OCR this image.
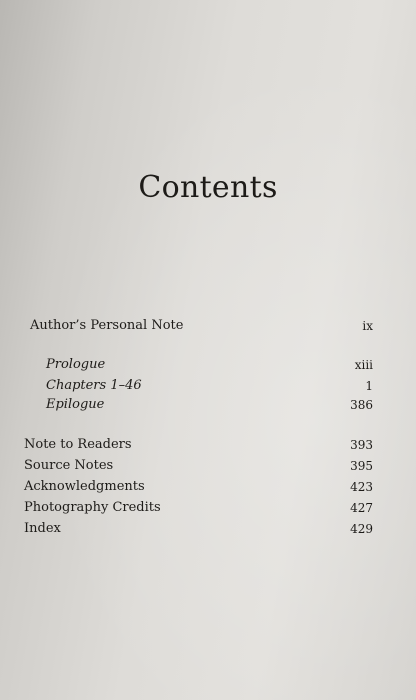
Contents
Author’s Personal Note	ix
Prologue	xiii
Chapters 1–46	1
Epilogue	386
Note to Readers	393
Source Notes	395
Acknowledgments	423
Photography Credits	427
Index	429
